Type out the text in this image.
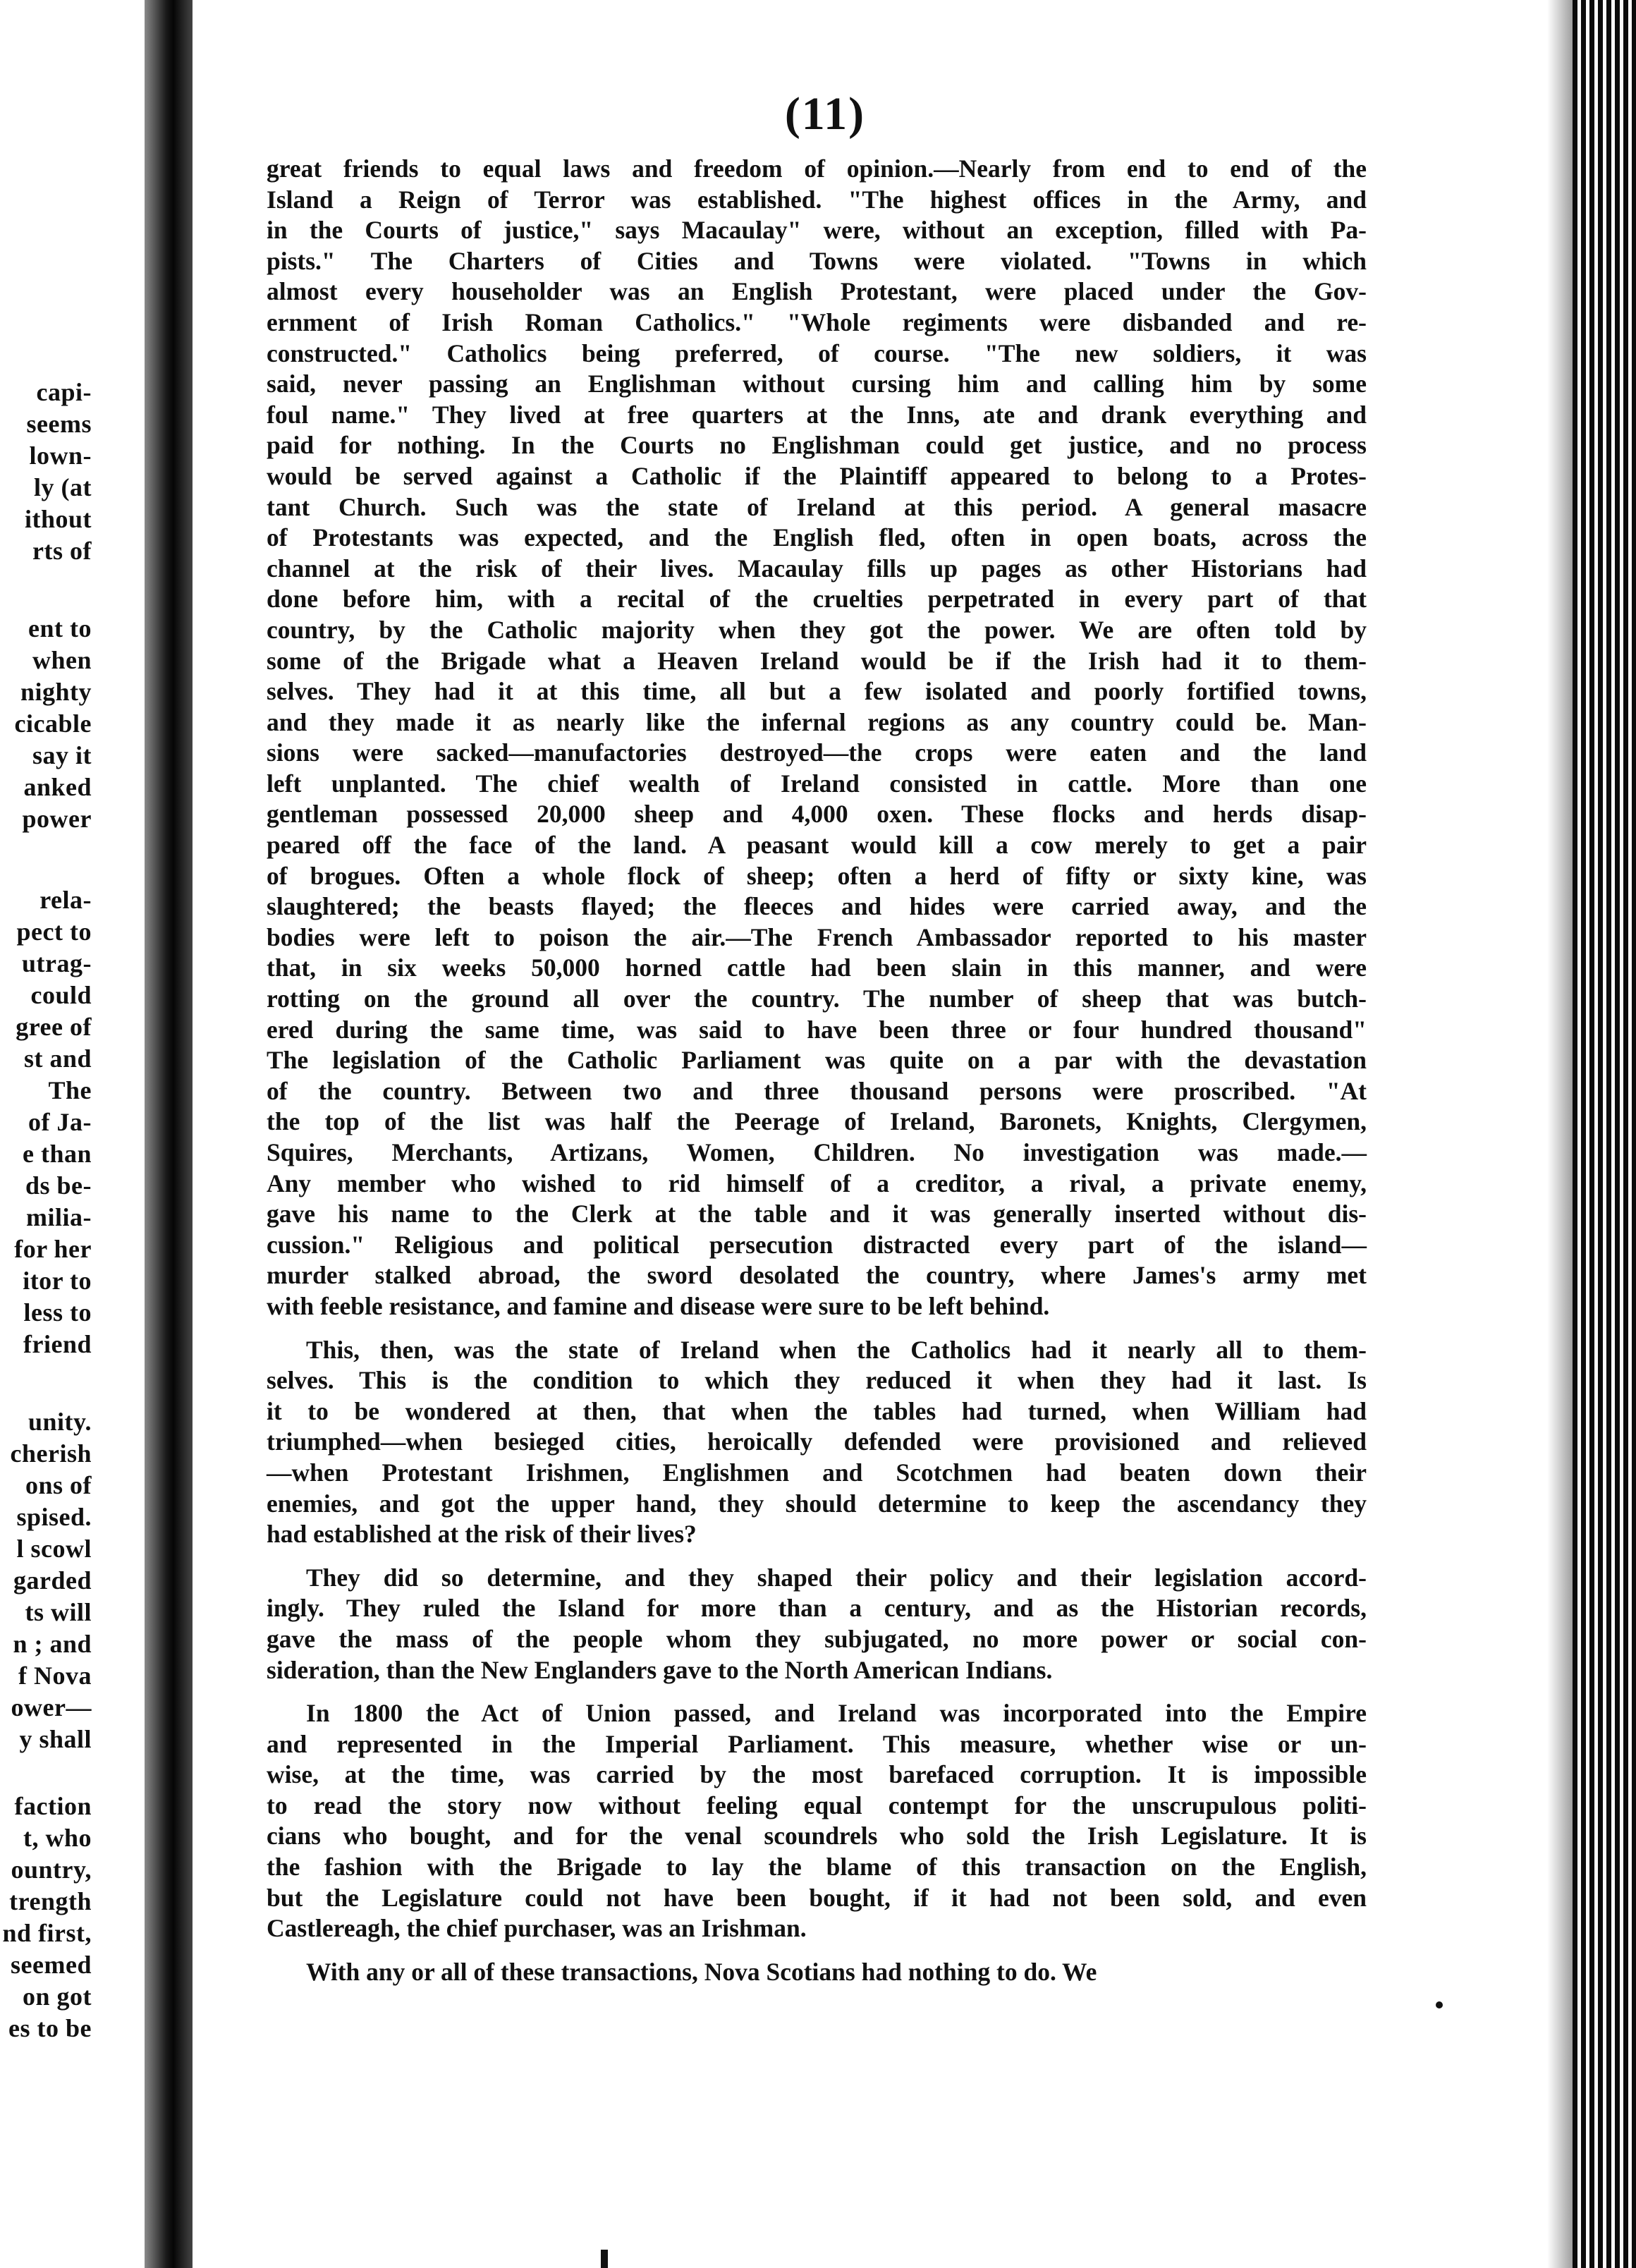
capi-
seems
lown-
ly (at
ithout
rts of
ent to
when
nighty
cicable
say it
anked
power
rela-
pect to
utrag-
could
gree of
st and
The
of Ja-
e than
ds be-
milia-
for her
itor to
less to
friend
unity.
cherish
ons of
spised.
l scowl
garded
ts will
n ; and
f Nova
ower—
y shall
faction
t, who
ountry,
trength
nd first,
seemed
on got
es to be
(11)
great friends to equal laws and freedom of opinion.—Nearly from end to end of the
Island a Reign of Terror was established. "The highest offices in the Army, and
in the Courts of justice," says Macaulay" were, without an exception, filled with Pa-
pists." The Charters of Cities and Towns were violated. "Towns in which
almost every householder was an English Protestant, were placed under the Gov-
ernment of Irish Roman Catholics." "Whole regiments were disbanded and re-
constructed." Catholics being preferred, of course. "The new soldiers, it was
said, never passing an Englishman without cursing him and calling him by some
foul name." They lived at free quarters at the Inns, ate and drank everything and
paid for nothing. In the Courts no Englishman could get justice, and no process
would be served against a Catholic if the Plaintiff appeared to belong to a Protes-
tant Church. Such was the state of Ireland at this period. A general masacre
of Protestants was expected, and the English fled, often in open boats, across the
channel at the risk of their lives. Macaulay fills up pages as other Historians had
done before him, with a recital of the cruelties perpetrated in every part of that
country, by the Catholic majority when they got the power. We are often told by
some of the Brigade what a Heaven Ireland would be if the Irish had it to them-
selves. They had it at this time, all but a few isolated and poorly fortified towns,
and they made it as nearly like the infernal regions as any country could be. Man-
sions were sacked—manufactories destroyed—the crops were eaten and the land
left unplanted. The chief wealth of Ireland consisted in cattle. More than one
gentleman possessed 20,000 sheep and 4,000 oxen. These flocks and herds disap-
peared off the face of the land. A peasant would kill a cow merely to get a pair
of brogues. Often a whole flock of sheep; often a herd of fifty or sixty kine, was
slaughtered; the beasts flayed; the fleeces and hides were carried away, and the
bodies were left to poison the air.—The French Ambassador reported to his master
that, in six weeks 50,000 horned cattle had been slain in this manner, and were
rotting on the ground all over the country. The number of sheep that was butch-
ered during the same time, was said to have been three or four hundred thousand"
The legislation of the Catholic Parliament was quite on a par with the devastation
of the country. Between two and three thousand persons were proscribed. "At
the top of the list was half the Peerage of Ireland, Baronets, Knights, Clergymen,
Squires, Merchants, Artizans, Women, Children. No investigation was made.—
Any member who wished to rid himself of a creditor, a rival, a private enemy,
gave his name to the Clerk at the table and it was generally inserted without dis-
cussion." Religious and political persecution distracted every part of the island—
murder stalked abroad, the sword desolated the country, where James's army met
with feeble resistance, and famine and disease were sure to be left behind.
This, then, was the state of Ireland when the Catholics had it nearly all to them-
selves. This is the condition to which they reduced it when they had it last. Is
it to be wondered at then, that when the tables had turned, when William had
triumphed—when besieged cities, heroically defended were provisioned and relieved
—when Protestant Irishmen, Englishmen and Scotchmen had beaten down their
enemies, and got the upper hand, they should determine to keep the ascendancy they
had established at the risk of their lives?
They did so determine, and they shaped their policy and their legislation accord-
ingly. They ruled the Island for more than a century, and as the Historian records,
gave the mass of the people whom they subjugated, no more power or social con-
sideration, than the New Englanders gave to the North American Indians.
In 1800 the Act of Union passed, and Ireland was incorporated into the Empire
and represented in the Imperial Parliament. This measure, whether wise or un-
wise, at the time, was carried by the most barefaced corruption. It is impossible
to read the story now without feeling equal contempt for the unscrupulous politi-
cians who bought, and for the venal scoundrels who sold the Irish Legislature. It is
the fashion with the Brigade to lay the blame of this transaction on the English,
but the Legislature could not have been bought, if it had not been sold, and even
Castlereagh, the chief purchaser, was an Irishman.
With any or all of these transactions, Nova Scotians had nothing to do. We
